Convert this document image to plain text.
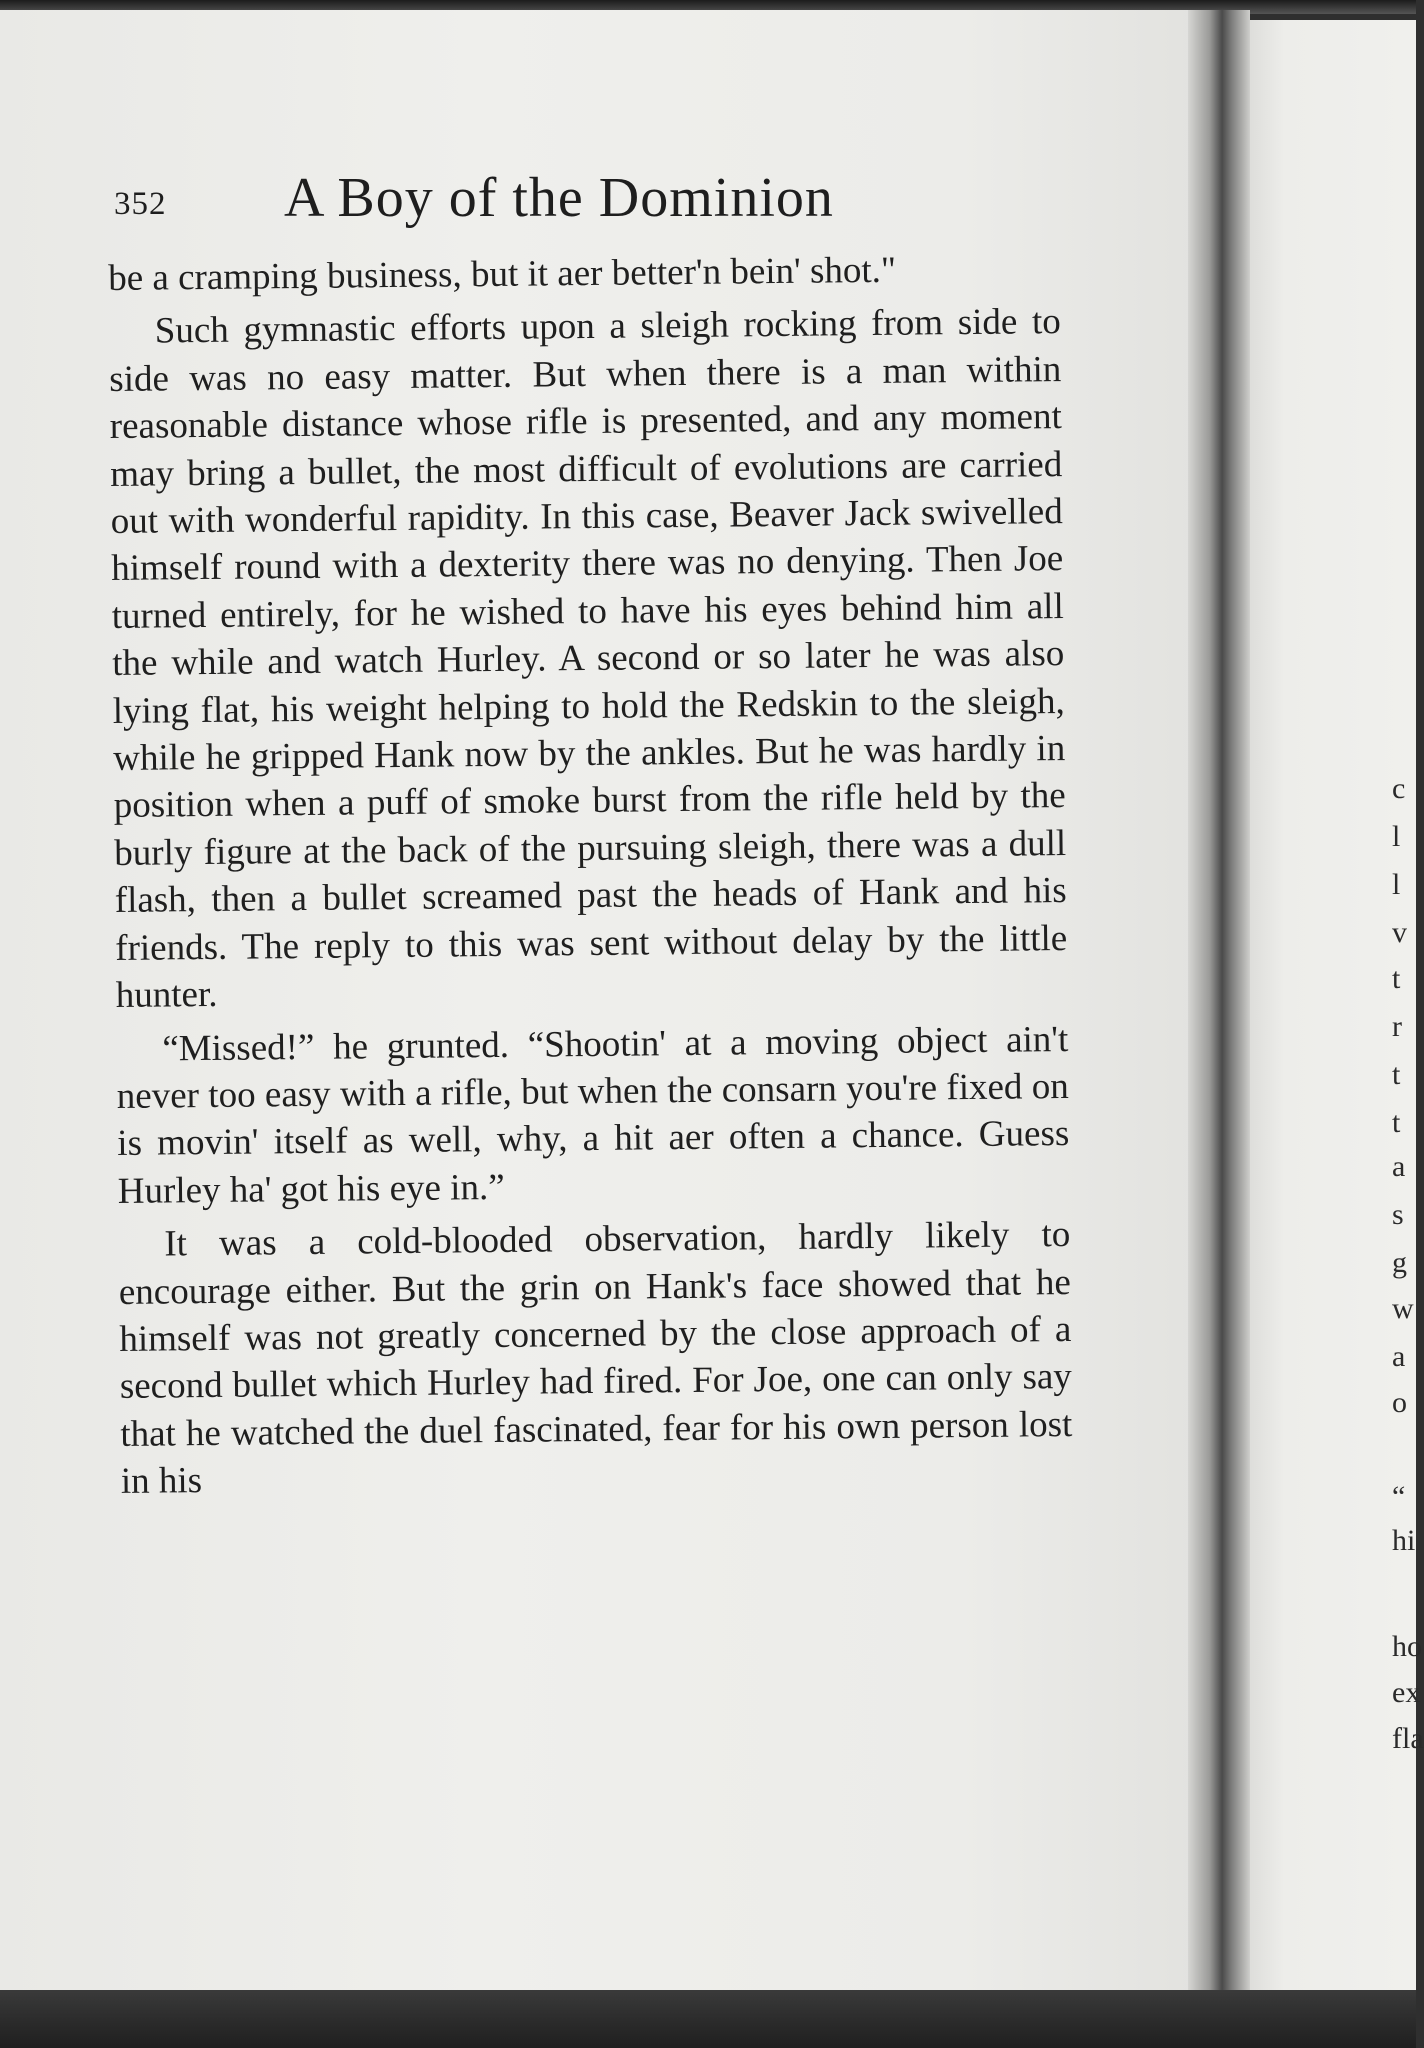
352 A Boy of the Dominion

be a cramping business, but it aer better'n bein' shot."

Such gymnastic efforts upon a sleigh rocking from side to side was no easy matter. But when there is a man within reasonable distance whose rifle is presented, and any moment may bring a bullet, the most difficult of evolutions are carried out with wonderful rapidity. In this case, Beaver Jack swivelled himself round with a dexterity there was no denying. Then Joe turned entirely, for he wished to have his eyes behind him all the while and watch Hurley. A second or so later he was also lying flat, his weight helping to hold the Redskin to the sleigh, while he gripped Hank now by the ankles. But he was hardly in position when a puff of smoke burst from the rifle held by the burly figure at the back of the pursuing sleigh, there was a dull flash, then a bullet screamed past the heads of Hank and his friends. The reply to this was sent without delay by the little hunter.

“Missed!” he grunted. “Shootin' at a moving object ain't never too easy with a rifle, but when the consarn you're fixed on is movin' itself as well, why, a hit aer often a chance. Guess Hurley ha' got his eye in.”

It was a cold-blooded observation, hardly likely to encourage either. But the grin on Hank's face showed that he himself was not greatly concerned by the close approach of a second bullet which Hurley had fired. For Joe, one can only say that he watched the duel fascinated, fear for his own person lost in his

c
l
l
v
t
r
t
t
a
s
g
w
a
o
“
hi
ho
ex
fla
